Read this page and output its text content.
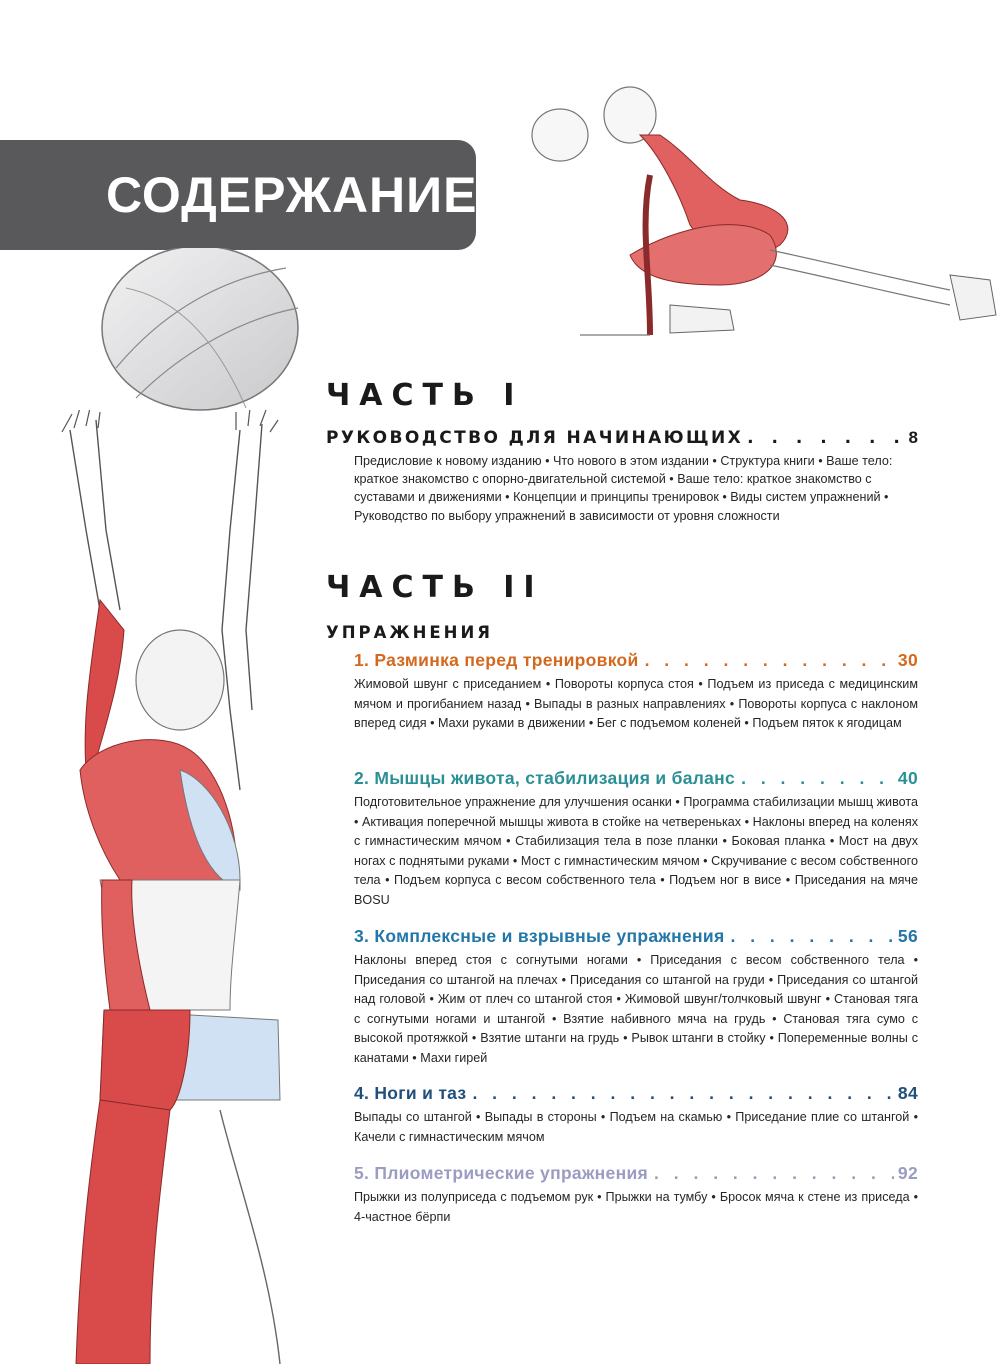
СОДЕРЖАНИЕ
ЧАСТЬ I
РУКОВОДСТВО ДЛЯ НАЧИНАЮЩИХ . . .	8

Предисловие к новому изданию • Что нового в этом издании • Структура книги • Ваше тело: краткое знакомство с опорно-двигательной системой • Ваше тело: краткое знакомство с суставами и движениями • Концепции и принципы тренировок • Виды систем упражнений • Руководство по выбору упражнений в зависимости от уровня сложности

ЧАСТЬ II
УПРАЖНЕНИЯ
1. Разминка перед тренировкой . . .	30

Жимовой швунг с приседанием • Повороты корпуса стоя • Подъем из приседа с медицинским мячом и прогибанием назад • Выпады в разных направлениях • Повороты корпуса с наклоном вперед сидя • Махи руками в движении • Бег с подъемом коленей • Подъем пяток к ягодицам

2. Мышцы живота, стабилизация и баланс . . .	40

Подготовительное упражнение для улучшения осанки • Программа стабилизации мышц живота • Активация поперечной мышцы живота в стойке на четвереньках • Наклоны вперед на коленях с гимнастическим мячом • Стабилизация тела в позе планки • Боковая планка • Мост на двух ногах с поднятыми руками • Мост с гимнастическим мячом • Скручивание с весом собственного тела • Подъем корпуса с весом собственного тела • Подъем ног в висе • Приседания на мяче BOSU

3. Комплексные и взрывные упражнения . . .	56

Наклоны вперед стоя с согнутыми ногами • Приседания с весом собственного тела • Приседания со штангой на плечах • Приседания со штангой на груди • Приседания со штангой над головой • Жим от плеч со штангой стоя • Жимовой швунг/толчковый швунг • Становая тяга с согнутыми ногами и штангой • Взятие набивного мяча на грудь • Становая тяга сумо с высокой протяжкой • Взятие штанги на грудь • Рывок штанги в стойку • Попеременные волны с канатами • Махи гирей

4. Ноги и таз . . .	84

Выпады со штангой • Выпады в стороны • Подъем на скамью • Приседание плие со штангой • Качели с гимнастическим мячом

5. Плиометрические упражнения . . .	92

Прыжки из полуприседа с подъемом рук • Прыжки на тумбу • Бросок мяча к стене из приседа • 4-частное бёрпи
